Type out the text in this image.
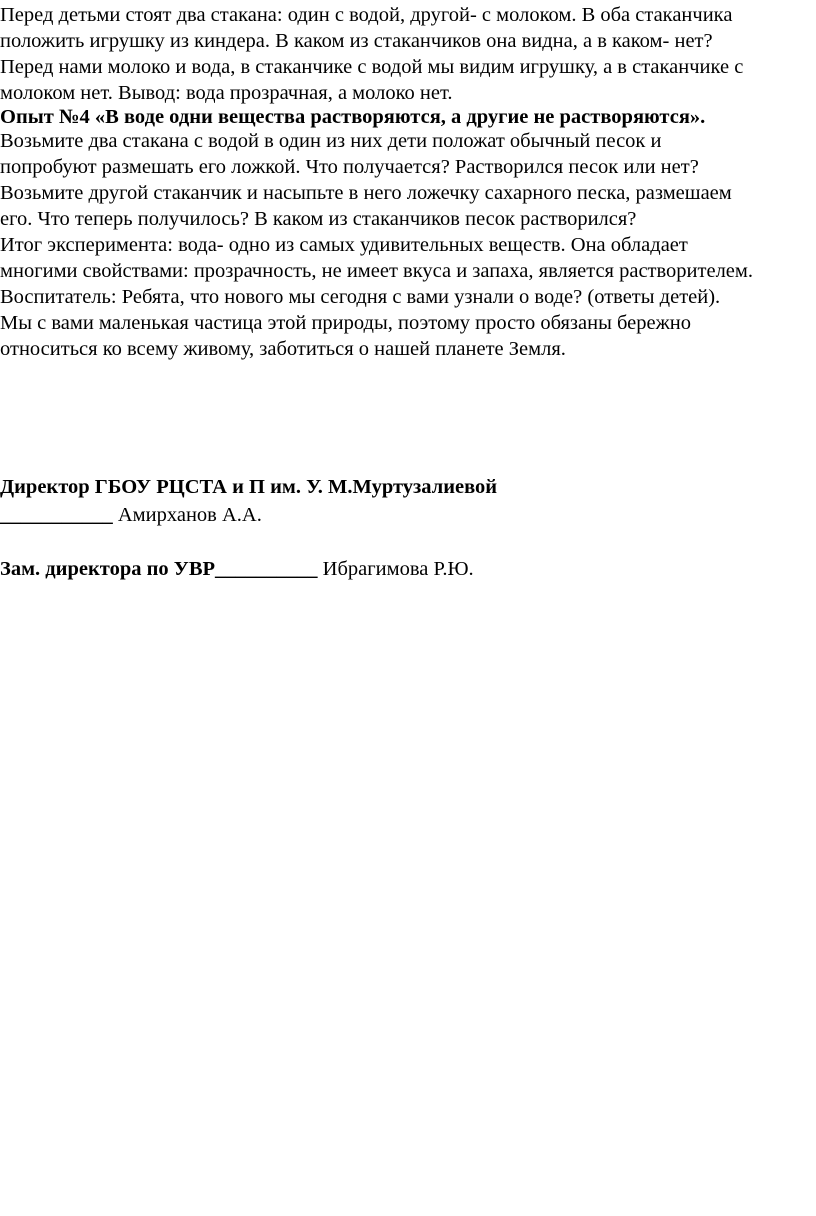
Перед детьми стоят два стакана: один с водой, другой- с молоком. В оба стаканчика
положить игрушку из киндера. В каком из стаканчиков она видна, а в каком- нет?
Перед нами молоко и вода, в стаканчике с водой мы видим игрушку, а в стаканчике с
молоком нет. Вывод: вода прозрачная, а молоко нет.
Опыт №4 «В воде одни вещества растворяются, а другие не растворяются».
Возьмите два стакана с водой в один из них дети положат обычный песок и
попробуют размешать его ложкой. Что получается? Растворился песок или нет?
Возьмите другой стаканчик и насыпьте в него ложечку сахарного песка, размешаем
его. Что теперь получилось? В каком из стаканчиков песок растворился?
Итог эксперимента: вода- одно из самых удивительных веществ. Она обладает
многими свойствами: прозрачность, не имеет вкуса и запаха, является растворителем.
Воспитатель: Ребята, что нового мы сегодня с вами узнали о воде? (ответы детей).
Мы с вами маленькая частица этой природы, поэтому просто обязаны бережно
относиться ко всему живому, заботиться о нашей планете Земля.
Директор ГБОУ РЦСТА и П им. У. М.Муртузалиевой
___________ Амирханов А.А.
Зам. директора по УВР__________ Ибрагимова Р.Ю.
